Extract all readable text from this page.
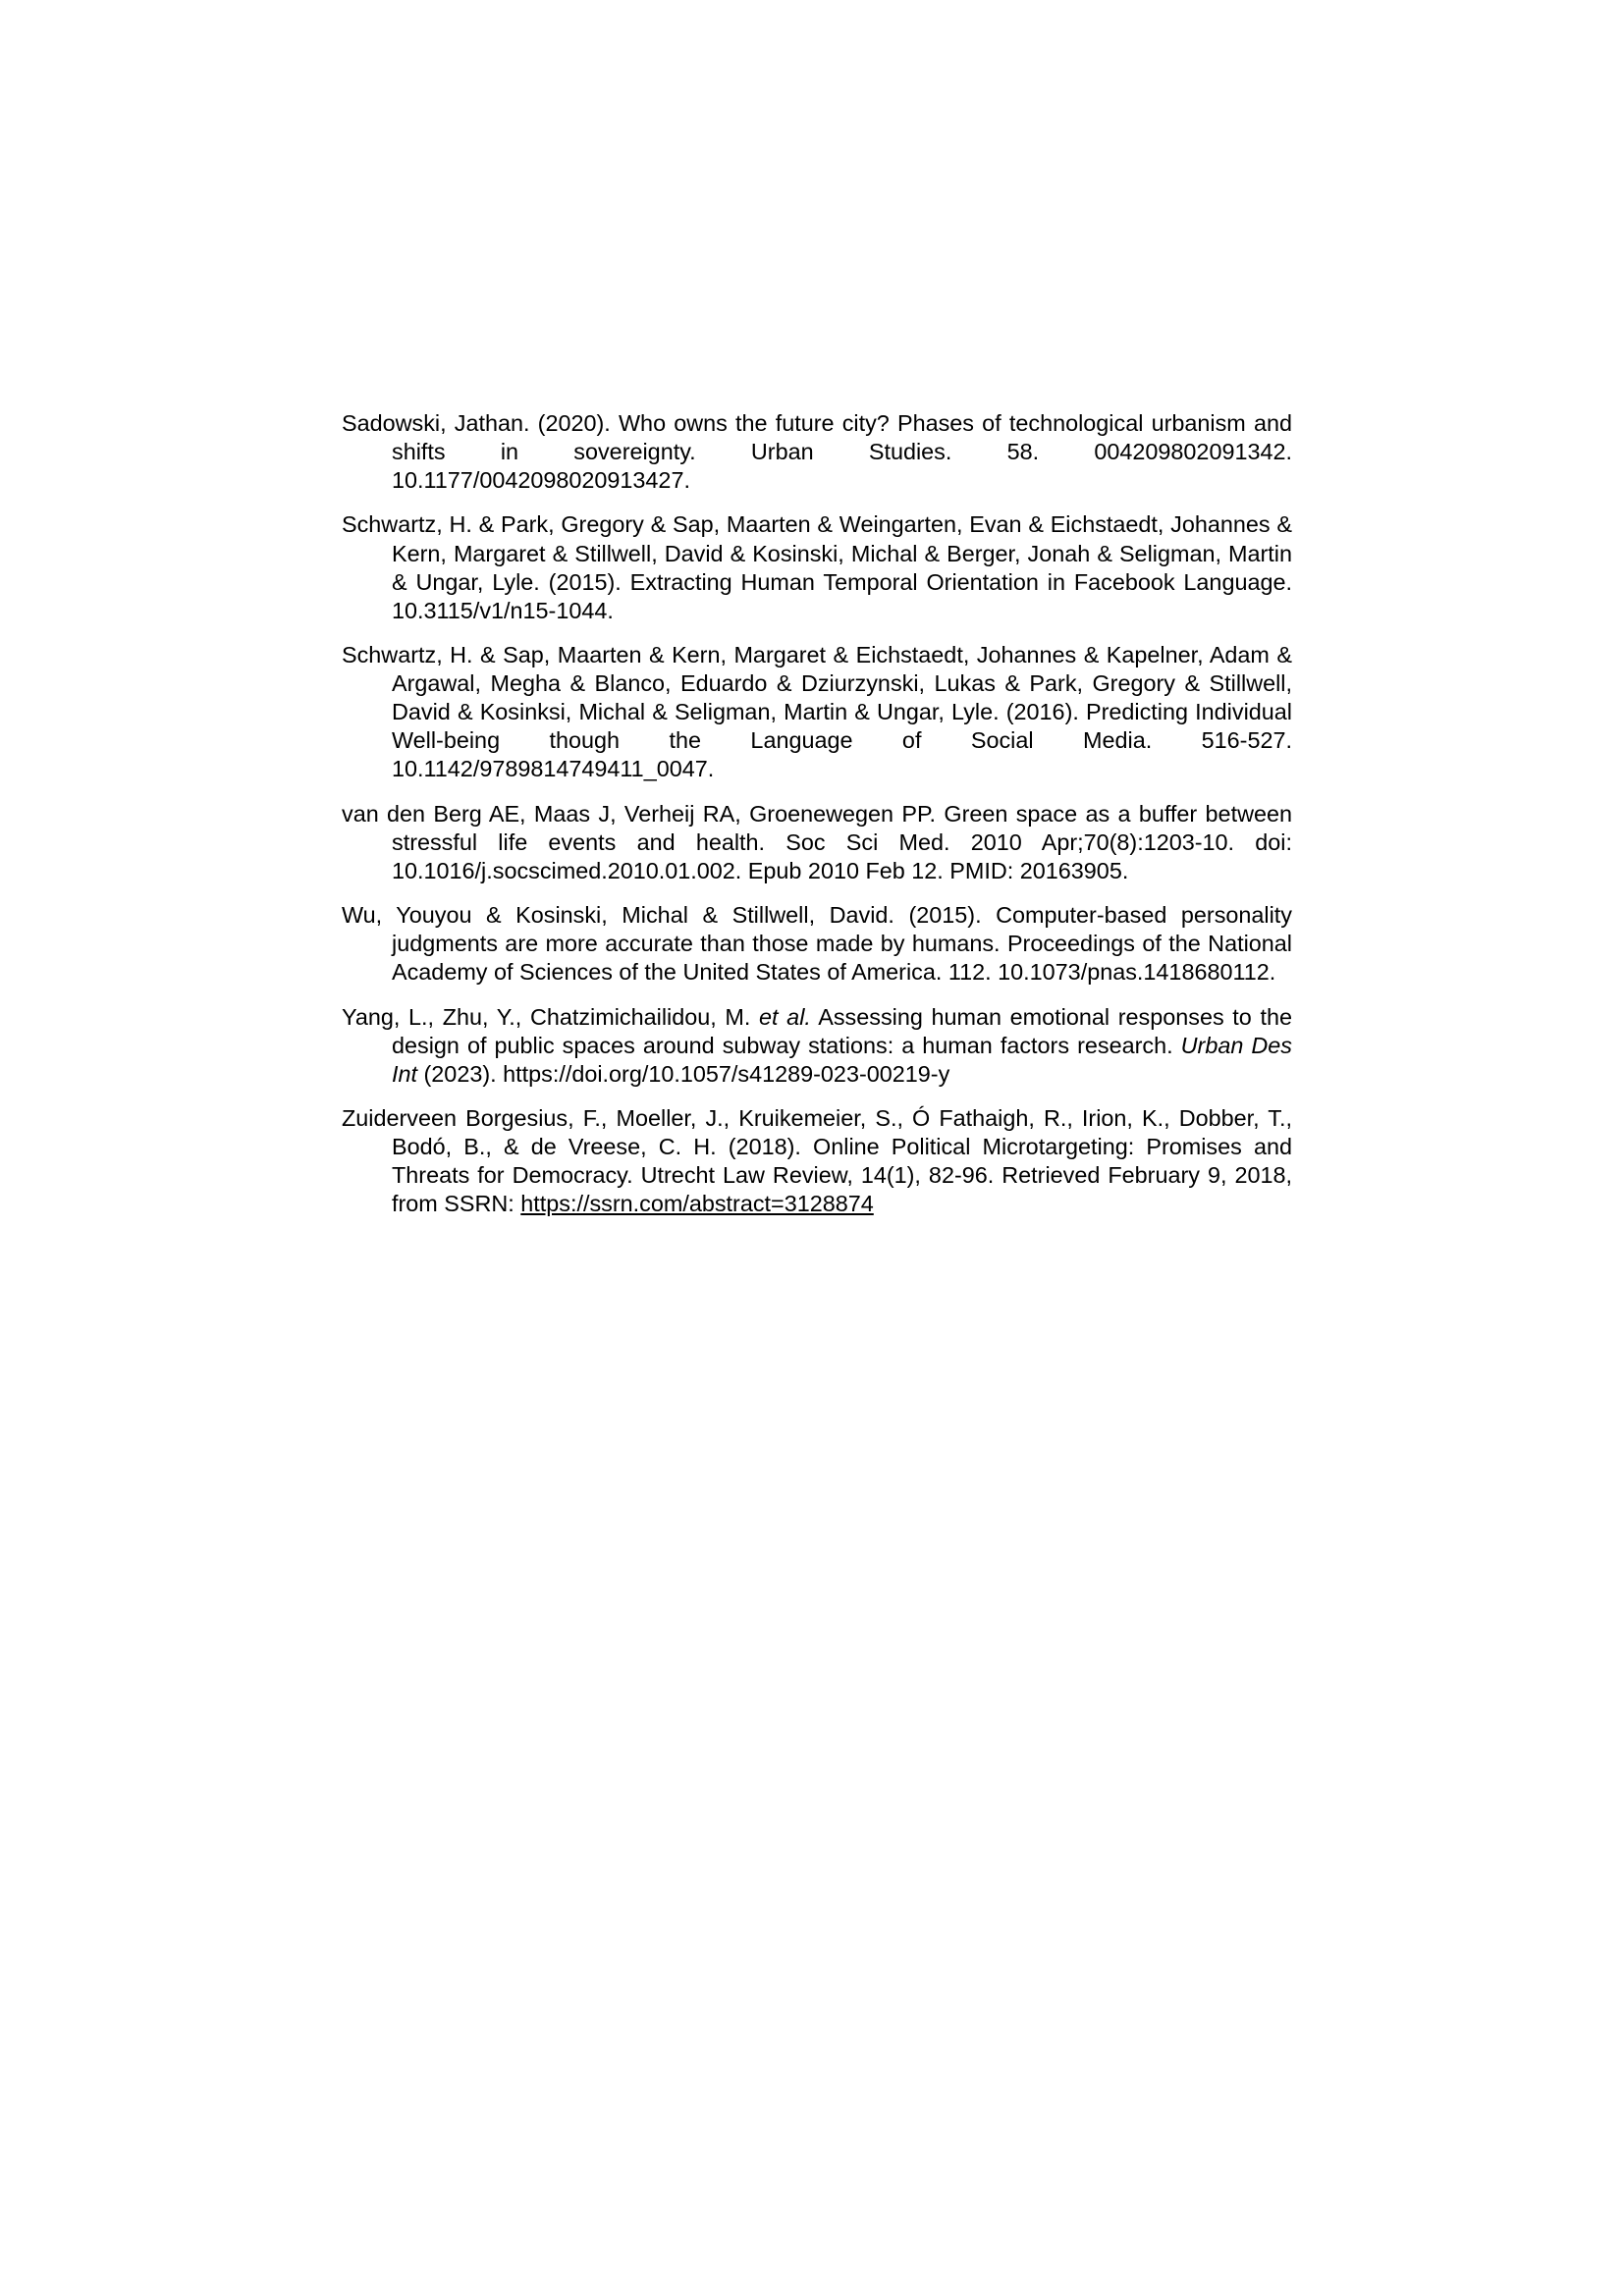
Sadowski, Jathan. (2020). Who owns the future city? Phases of technological urbanism and shifts in sovereignty. Urban Studies. 58. 004209802091342. 10.1177/0042098020913427.

Schwartz, H. & Park, Gregory & Sap, Maarten & Weingarten, Evan & Eichstaedt, Johannes & Kern, Margaret & Stillwell, David & Kosinski, Michal & Berger, Jonah & Seligman, Martin & Ungar, Lyle. (2015). Extracting Human Temporal Orientation in Facebook Language. 10.3115/v1/n15-1044.

Schwartz, H. & Sap, Maarten & Kern, Margaret & Eichstaedt, Johannes & Kapelner, Adam & Argawal, Megha & Blanco, Eduardo & Dziurzynski, Lukas & Park, Gregory & Stillwell, David & Kosinksi, Michal & Seligman, Martin & Ungar, Lyle. (2016). Predicting Individual Well-being though the Language of Social Media. 516-527. 10.1142/9789814749411_0047.

van den Berg AE, Maas J, Verheij RA, Groenewegen PP. Green space as a buffer between stressful life events and health. Soc Sci Med. 2010 Apr;70(8):1203-10. doi: 10.1016/j.socscimed.2010.01.002. Epub 2010 Feb 12. PMID: 20163905.

Wu, Youyou & Kosinski, Michal & Stillwell, David. (2015). Computer-based personality judgments are more accurate than those made by humans. Proceedings of the National Academy of Sciences of the United States of America. 112. 10.1073/pnas.1418680112.

Yang, L., Zhu, Y., Chatzimichailidou, M. et al. Assessing human emotional responses to the design of public spaces around subway stations: a human factors research. Urban Des Int (2023). https://doi.org/10.1057/s41289-023-00219-y

Zuiderveen Borgesius, F., Moeller, J., Kruikemeier, S., Ó Fathaigh, R., Irion, K., Dobber, T., Bodó, B., & de Vreese, C. H. (2018). Online Political Microtargeting: Promises and Threats for Democracy. Utrecht Law Review, 14(1), 82-96. Retrieved February 9, 2018, from SSRN: https://ssrn.com/abstract=3128874
